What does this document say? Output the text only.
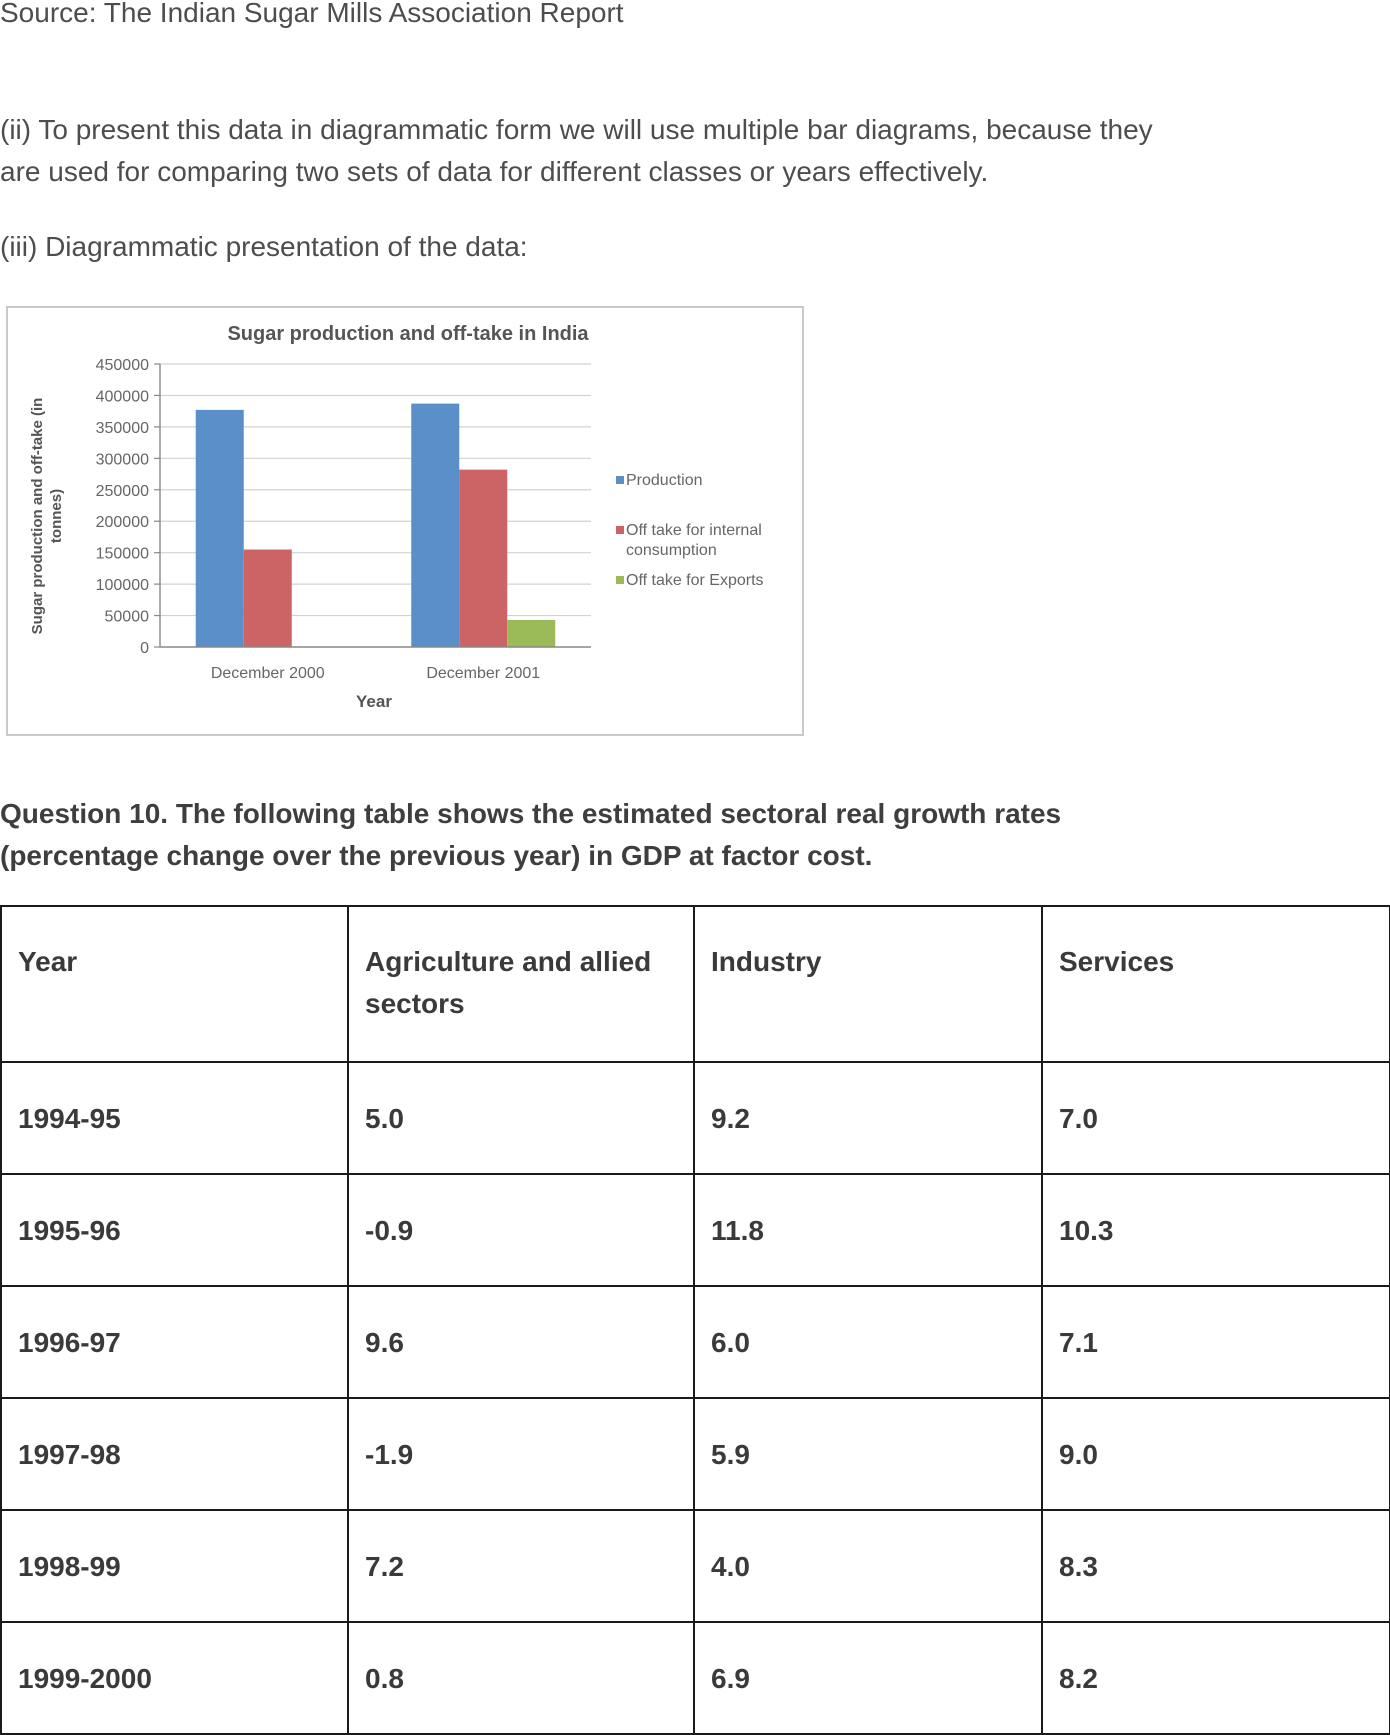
Source: The Indian Sugar Mills Association Report

(ii) To present this data in diagrammatic form we will use multiple bar diagrams, because they

are used for comparing two sets of data for different classes or years effectively.

(iii) Diagrammatic presentation of the data:

Sugar production and off-take in India
0
50000
100000
150000
200000
250000
300000
350000
400000
450000
December 2000	December 2001
Sugar production and off-take (in tonnes)
Year
Production
Off take for internal
consumption
Off take for Exports

Question 10. The following table shows the estimated sectoral real growth rates

(percentage change over the previous year) in GDP at factor cost.

Year	Agriculture and allied
sectors	Industry	Services
1994-95	5.0	9.2	7.0
1995-96	-0.9	11.8	10.3
1996-97	9.6	6.0	7.1
1997-98	-1.9	5.9	9.0
1998-99	7.2	4.0	8.3
1999-2000	0.8	6.9	8.2
